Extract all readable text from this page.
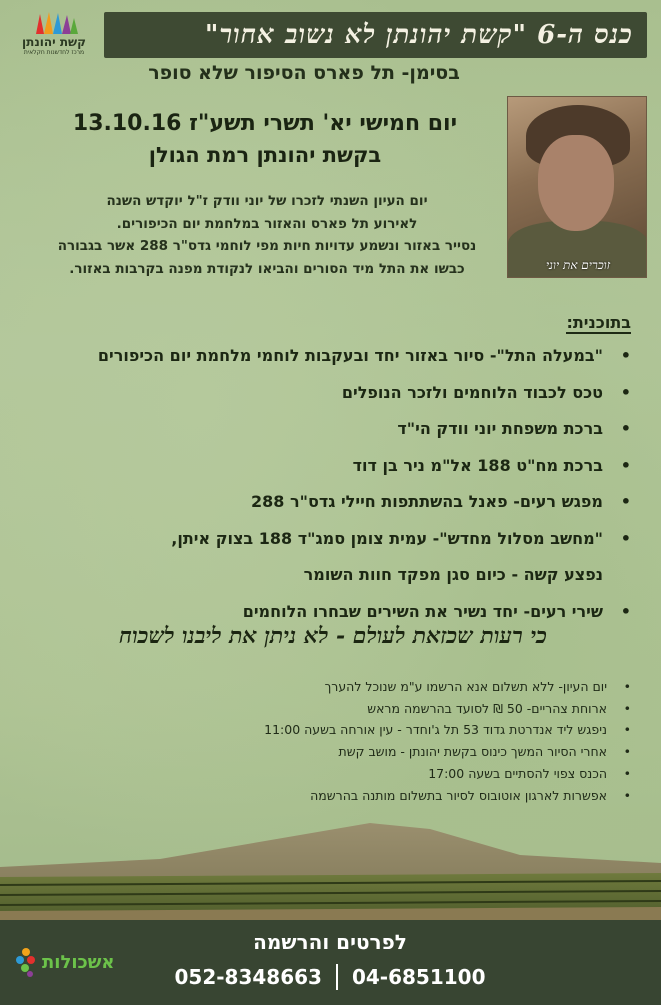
כנס ה-6 "קשת יהונתן לא נשוב אחור"
קשת יהונתן
מרכז לחדשנות חקלאית
בסימן- תל פארס הסיפור שלא סופר
יום חמישי יא' תשרי תשע"ז 13.10.16
בקשת יהונתן רמת הגולן
יום העיון השנתי לזכרו של יוני וודק ז"ל יוקדש השנה
לאירוע תל פארס והאזור במלחמת יום הכיפורים.
נסייר באזור ונשמע עדויות חיות מפי לוחמי גדס"ר 288 אשר בגבורה
כבשו את התל מיד הסורים והביאו לנקודת מפנה בקרבות באזור.	זוכרים את יוני
בתוכנית:
•
"במעלה התל"- סיור באזור יחד ובעקבות לוחמי מלחמת יום הכיפורים
•
טכס לכבוד הלוחמים ולזכר הנופלים
•
ברכת משפחת יוני וודק הי"ד
•
ברכת מח"ט 188 אל"מ ניר בן דוד
•
מפגש רעים- פאנל בהשתתפות חיילי גדס"ר 288
•
"מחשב מסלול מחדש"- עמית צומן סמג"ד 188 בצוק איתן,
נפצע קשה - כיום סגן מפקד חוות השומר
•
שירי רעים- יחד נשיר את השירים שבחרו הלוחמים
כי רעות שכזאת לעולם - לא ניתן את ליבנו לשכוח
•
יום העיון- ללא תשלום אנא הרשמו ע"מ שנוכל להערך
•
ארוחת צהריים- 50 ₪ לסועד בהרשמה מראש
•
ניפגש ליד אנדרטת גדוד 53 תל ג'וחדר - עין אורחה בשעה 11:00
•
אחרי הסיור המשך כינוס בקשת יהונתן - מושב קשת
•
הכנס צפוי להסתיים בשעה 17:00
•
אפשרות לארגון אוטובוס לסיור בתשלום מותנה בהרשמה
לפרטים והרשמה
052-8348663 04-6851100
אשכולות
